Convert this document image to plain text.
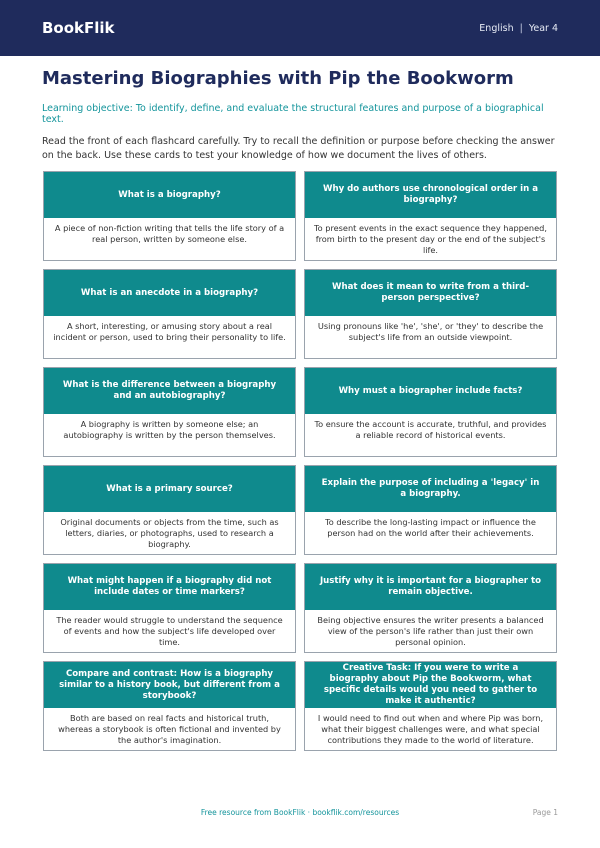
BookFlik	English | Year 4
Mastering Biographies with Pip the Bookworm
Learning objective: To identify, define, and evaluate the structural features and purpose of a biographical text.
Read the front of each flashcard carefully. Try to recall the definition or purpose before checking the answer on the back. Use these cards to test your knowledge of how we document the lives of others.
What is a biography?
A piece of non-fiction writing that tells the life story of a real person, written by someone else.
Why do authors use chronological order in a biography?
To present events in the exact sequence they happened, from birth to the present day or the end of the subject's life.
What is an anecdote in a biography?
A short, interesting, or amusing story about a real incident or person, used to bring their personality to life.
What does it mean to write from a third-person perspective?
Using pronouns like 'he', 'she', or 'they' to describe the subject's life from an outside viewpoint.
What is the difference between a biography and an autobiography?
A biography is written by someone else; an autobiography is written by the person themselves.
Why must a biographer include facts?
To ensure the account is accurate, truthful, and provides a reliable record of historical events.
What is a primary source?
Original documents or objects from the time, such as letters, diaries, or photographs, used to research a biography.
Explain the purpose of including a 'legacy' in a biography.
To describe the long-lasting impact or influence the person had on the world after their achievements.
What might happen if a biography did not include dates or time markers?
The reader would struggle to understand the sequence of events and how the subject's life developed over time.
Justify why it is important for a biographer to remain objective.
Being objective ensures the writer presents a balanced view of the person's life rather than just their own personal opinion.
Compare and contrast: How is a biography similar to a history book, but different from a storybook?
Both are based on real facts and historical truth, whereas a storybook is often fictional and invented by the author's imagination.
Creative Task: If you were to write a biography about Pip the Bookworm, what specific details would you need to gather to make it authentic?
I would need to find out when and where Pip was born, what their biggest challenges were, and what special contributions they made to the world of literature.
Free resource from BookFlik · bookflik.com/resources	Page 1
